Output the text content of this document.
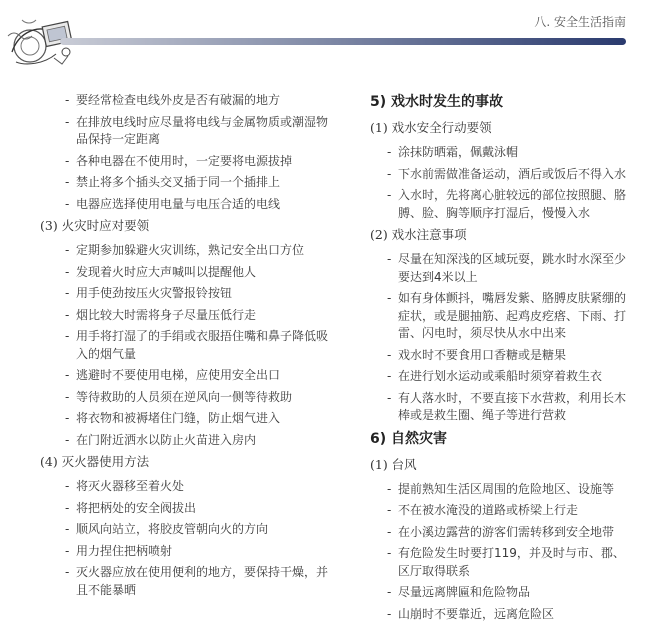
八. 安全生活指南
- 要经常检查电线外皮是否有破漏的地方
- 在排放电线时应尽量将电线与金属物质或潮湿物品保持一定距离
- 各种电器在不使用时，一定要将电源拔掉
- 禁止将多个插头交叉插于同一个插排上
- 电器应选择使用电量与电压合适的电线
(3) 火灾时应对要领
- 定期参加躲避火灾训练，熟记安全出口方位
- 发现着火时应大声喊叫以提醒他人
- 用手使劲按压火灾警报铃按钮
- 烟比较大时需将身子尽量压低行走
- 用手将打湿了的手绢或衣服捂住嘴和鼻子降低吸入的烟气量
- 逃避时不要使用电梯，应使用安全出口
- 等待救助的人员须在逆风向一侧等待救助
- 将衣物和被褥堵住门缝，防止烟气进入
- 在门附近洒水以防止火苗进入房内
(4) 灭火器使用方法
- 将灭火器移至着火处
- 将把柄处的安全阀拔出
- 顺风向站立，将胶皮管朝向火的方向
- 用力捏住把柄喷射
- 灭火器应放在使用便利的地方，要保持干燥，并且不能暴晒
5) 戏水时发生的事故
(1) 戏水安全行动要领
- 涂抹防晒霜，佩戴泳帽
- 下水前需做准备运动，酒后或饭后不得入水
- 入水时，先将离心脏较远的部位按照腿、胳膊、脸、胸等顺序打湿后，慢慢入水
(2) 戏水注意事项
- 尽量在知深浅的区域玩耍，跳水时水深至少要达到4米以上
- 如有身体颤抖，嘴唇发紫、胳膊皮肤紧绷的症状，或是腿抽筋、起鸡皮疙瘩、下雨、打雷、闪电时，须尽快从水中出来
- 戏水时不要食用口香糖或是糖果
- 在进行划水运动或乘船时须穿着救生衣
- 有人落水时，不要直接下水营救，利用长木棒或是救生圈、绳子等进行营救
6) 自然灾害
(1) 台风
- 提前熟知生活区周围的危险地区、设施等
- 不在被水淹没的道路或桥梁上行走
- 在小溪边露营的游客们需转移到安全地带
- 有危险发生时要打119，并及时与市、郡、区厅取得联系
- 尽量远离牌匾和危险物品
- 山崩时不要靠近，远离危险区
